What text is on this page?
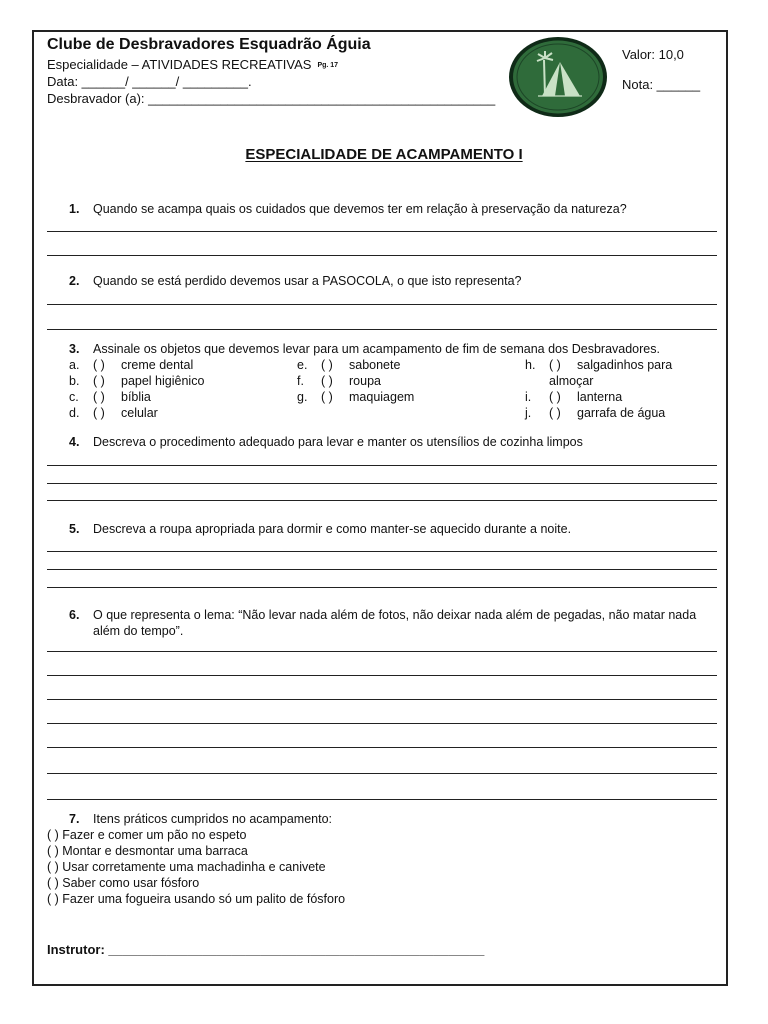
Clube de Desbravadores Esquadrão Águia
Especialidade – ATIVIDADES RECREATIVAS Pg. 17
Data: ______/ ______/ _________.
Desbravador (a): ________________________________________________
Valor: 10,0
Nota: ______
ESPECIALIDADE DE ACAMPAMENTO I
1. Quando se acampa quais os cuidados que devemos ter em relação à preservação da natureza?
2. Quando se está perdido devemos usar a PASOCOLA, o que isto representa?
3. Assinale os objetos que devemos levar para um acampamento de fim de semana dos Desbravadores.
a. ( ) creme dental
b. ( ) papel higiênico
c. ( ) bíblia
d. ( ) celular
e. ( ) sabonete
f. ( ) roupa
g. ( ) maquiagem
h. ( ) salgadinhos para
almoçar
i. ( ) lanterna
j. ( ) garrafa de água
4. Descreva o procedimento adequado para levar e manter os utensílios de cozinha limpos
5. Descreva a roupa apropriada para dormir e como manter-se aquecido durante a noite.
6. O que representa o lema: “Não levar nada além de fotos, não deixar nada além de pegadas, não matar nada
além do tempo”.
7. Itens práticos cumpridos no acampamento:
( ) Fazer e comer um pão no espeto
( ) Montar e desmontar uma barraca
( ) Usar corretamente uma machadinha e canivete
( ) Saber como usar fósforo
( ) Fazer uma fogueira usando só um palito de fósforo
Instrutor: ____________________________________________________
